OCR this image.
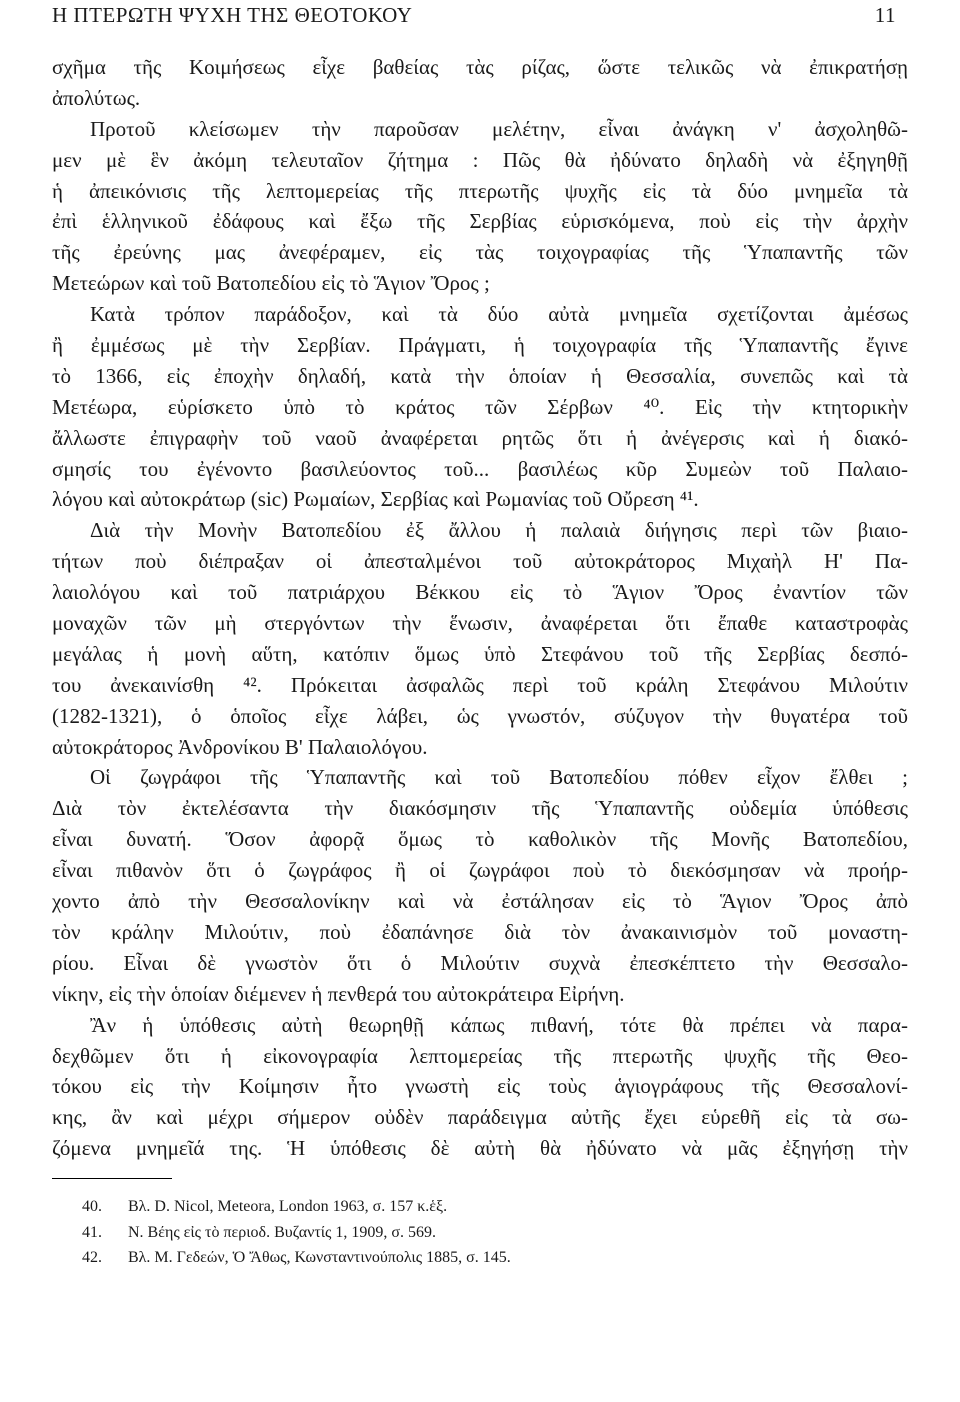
Η ΠΤΕΡΩΤΗ ΨΥΧΗ ΤΗΣ ΘΕΟΤΟΚΟΥ	11
σχῆμα τῆς Κοιμήσεως εἶχε βαθείας τὰς ρίζας, ὥστε τελικῶς νὰ ἐπικρατήσῃ
ἀπολύτως.
Προτοῦ κλείσωμεν τὴν παροῦσαν μελέτην, εἶναι ἀνάγκη ν' ἀσχοληθῶ-
μεν μὲ ἓν ἀκόμη τελευταῖον ζήτημα : Πῶς θὰ ἠδύνατο δηλαδὴ νὰ ἐξηγηθῇ
ἡ ἀπεικόνισις τῆς λεπτομερείας τῆς πτερωτῆς ψυχῆς εἰς τὰ δύο μνημεῖα τὰ
ἐπὶ ἑλληνικοῦ ἐδάφους καὶ ἔξω τῆς Σερβίας εὑρισκόμενα, ποὺ εἰς τὴν ἀρχὴν
τῆς ἐρεύνης μας ἀνεφέραμεν, εἰς τὰς τοιχογραφίας τῆς Ὑπαπαντῆς τῶν
Μετεώρων καὶ τοῦ Βατοπεδίου εἰς τὸ Ἅγιον Ὄρος ;
Κατὰ τρόπον παράδοξον, καὶ τὰ δύο αὐτὰ μνημεῖα σχετίζονται ἀμέσως
ἢ ἐμμέσως μὲ τὴν Σερβίαν. Πράγματι, ἡ τοιχογραφία τῆς Ὑπαπαντῆς ἔγινε
τὸ 1366, εἰς ἐποχὴν δηλαδή, κατὰ τὴν ὁποίαν ἡ Θεσσαλία, συνεπῶς καὶ τὰ
Μετέωρα, εὑρίσκετο ὑπὸ τὸ κράτος τῶν Σέρβων ⁴⁰. Εἰς τὴν κτητορικὴν
ἄλλωστε ἐπιγραφὴν τοῦ ναοῦ ἀναφέρεται ρητῶς ὅτι ἡ ἀνέγερσις καὶ ἡ διακό-
σμησίς του ἐγένοντο βασιλεύοντος τοῦ... βασιλέως κῦρ Συμεὼν τοῦ Παλαιο-
λόγου καὶ αὐτοκράτωρ (sic) Ρωμαίων, Σερβίας καὶ Ρωμανίας τοῦ Οὔρεση ⁴¹.
Διὰ τὴν Μονὴν Βατοπεδίου ἐξ ἄλλου ἡ παλαιὰ διήγησις περὶ τῶν βιαιο-
τήτων ποὺ διέπραξαν οἱ ἀπεσταλμένοι τοῦ αὐτοκράτορος Μιχαὴλ Η' Πα-
λαιολόγου καὶ τοῦ πατριάρχου Βέκκου εἰς τὸ Ἅγιον Ὄρος ἐναντίον τῶν
μοναχῶν τῶν μὴ στεργόντων τὴν ἕνωσιν, ἀναφέρεται ὅτι ἔπαθε καταστροφὰς
μεγάλας ἡ μονὴ αὕτη, κατόπιν ὅμως ὑπὸ Στεφάνου τοῦ τῆς Σερβίας δεσπό-
του ἀνεκαινίσθη ⁴². Πρόκειται ἀσφαλῶς περὶ τοῦ κράλη Στεφάνου Μιλούτιν
(1282-1321), ὁ ὁποῖος εἶχε λάβει, ὡς γνωστόν, σύζυγον τὴν θυγατέρα τοῦ
αὐτοκράτορος Ἀνδρονίκου Β' Παλαιολόγου.
Οἱ ζωγράφοι τῆς Ὑπαπαντῆς καὶ τοῦ Βατοπεδίου πόθεν εἶχον ἔλθει ;
Διὰ τὸν ἐκτελέσαντα τὴν διακόσμησιν τῆς Ὑπαπαντῆς οὐδεμία ὑπόθεσις
εἶναι δυνατή. Ὅσον ἀφορᾷ ὅμως τὸ καθολικὸν τῆς Μονῆς Βατοπεδίου,
εἶναι πιθανὸν ὅτι ὁ ζωγράφος ἢ οἱ ζωγράφοι ποὺ τὸ διεκόσμησαν νὰ προήρ-
χοντο ἀπὸ τὴν Θεσσαλονίκην καὶ νὰ ἐστάλησαν εἰς τὸ Ἅγιον Ὄρος ἀπὸ
τὸν κράλην Μιλούτιν, ποὺ ἐδαπάνησε διὰ τὸν ἀνακαινισμὸν τοῦ μοναστη-
ρίου. Εἶναι δὲ γνωστὸν ὅτι ὁ Μιλούτιν συχνὰ ἐπεσκέπτετο τὴν Θεσσαλο-
νίκην, εἰς τὴν ὁποίαν διέμενεν ἡ πενθερά του αὐτοκράτειρα Εἰρήνη.
Ἂν ἡ ὑπόθεσις αὐτὴ θεωρηθῇ κάπως πιθανή, τότε θὰ πρέπει νὰ παρα-
δεχθῶμεν ὅτι ἡ εἰκονογραφία λεπτομερείας τῆς πτερωτῆς ψυχῆς τῆς Θεο-
τόκου εἰς τὴν Κοίμησιν ἦτο γνωστὴ εἰς τοὺς ἁγιογράφους τῆς Θεσσαλονί-
κης, ἂν καὶ μέχρι σήμερον οὐδὲν παράδειγμα αὐτῆς ἔχει εὑρεθῆ εἰς τὰ σω-
ζόμενα μνημεῖά της. Ἡ ὑπόθεσις δὲ αὐτὴ θὰ ἠδύνατο νὰ μᾶς ἐξηγήσῃ τὴν
40. Βλ. D. Nicol, Meteora, London 1963, σ. 157 κ.ἑξ.
41. N. Βέης εἰς τὸ περιοδ. Βυζαντίς 1, 1909, σ. 569.
42. Βλ. Μ. Γεδεών, Ὁ Ἄθως, Κωνσταντινούπολις 1885, σ. 145.
